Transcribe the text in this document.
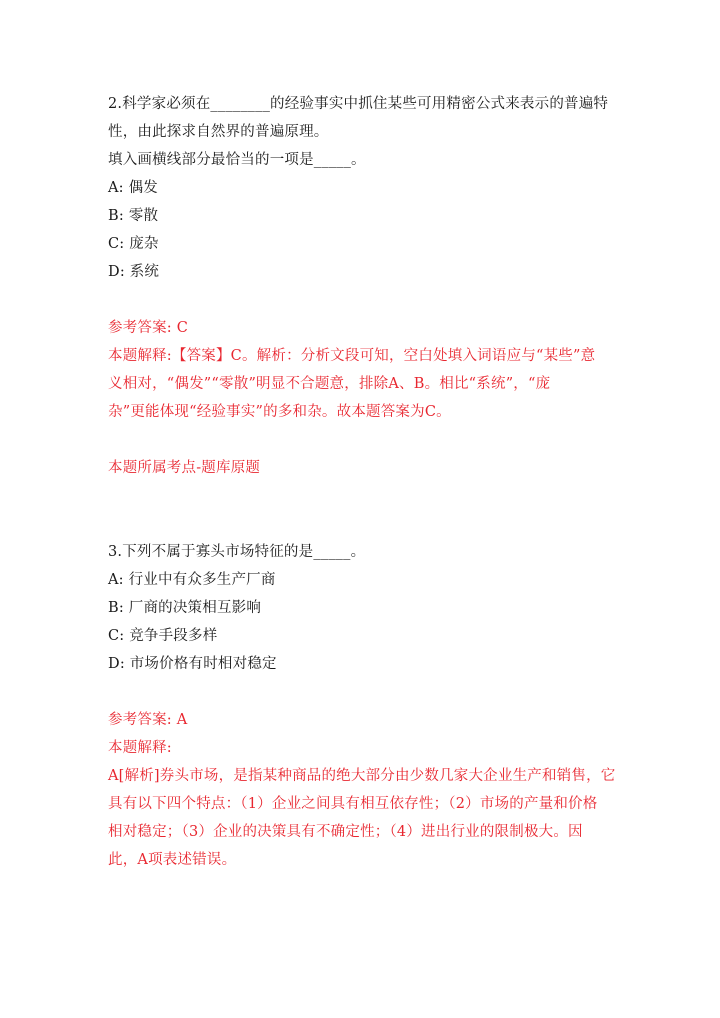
2.科学家必须在________的经验事实中抓住某些可用精密公式来表示的普遍特
性，由此探求自然界的普遍原理。
填入画横线部分最恰当的一项是_____。
A: 偶发
B: 零散
C: 庞杂
D: 系统
参考答案: C
本题解释:【答案】C。解析：分析文段可知，空白处填入词语应与“某些”意
义相对，“偶发”“零散”明显不合题意，排除A、B。相比“系统”，“庞
杂”更能体现“经验事实”的多和杂。故本题答案为C。
本题所属考点-题库原题
3.下列不属于寡头市场特征的是_____。
A: 行业中有众多生产厂商
B: 厂商的决策相互影响
C: 竞争手段多样
D: 市场价格有时相对稳定
参考答案: A
本题解释:
A[解析]券头市场，是指某种商品的绝大部分由少数几家大企业生产和销售，它
具有以下四个特点：（1）企业之间具有相互依存性；（2）市场的产量和价格
相对稳定；（3）企业的决策具有不确定性；（4）进出行业的限制极大。因
此，A项表述错误。
